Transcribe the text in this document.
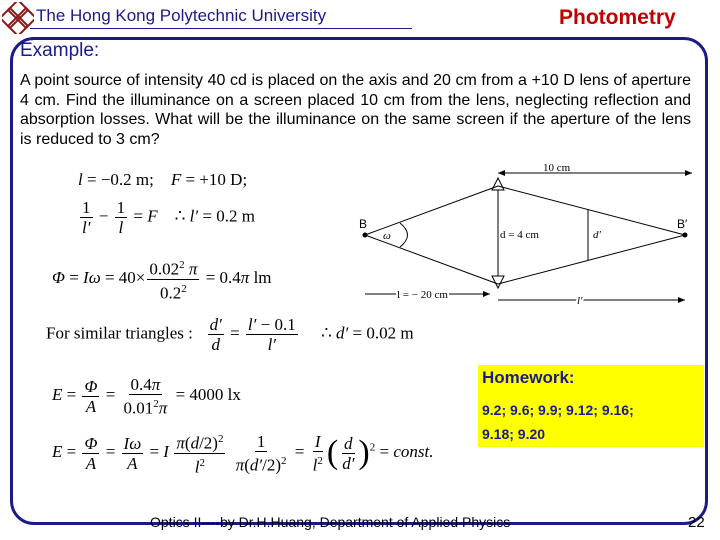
The Hong Kong Polytechnic University	Photometry
Example:
A point source of intensity 40 cd is placed on the axis and 20 cm from a +10 D lens of aperture 4 cm. Find the illuminance on a screen placed 10 cm from the lens, neglecting reflection and absorption losses. What will be the illuminance on the same screen if the aperture of the lens is reduced to 3 cm?
l = −0.2 m;    F = +10 D;
$\frac{1}{l'} - \frac{1}{l} = F$    ∴ l′ = 0.2 m
$\Phi = I\omega = 40\times \frac{0.02^2 \pi}{0.2^2} = 0.4\pi$ lm
For similar triangles : $\frac{d'}{d} = \frac{l' - 0.1}{l'}$ ∴ d′ = 0.02 m
$E = \frac{\Phi}{A} = \frac{0.4\pi}{0.01^2\pi} = 4000$ lx
$E = \frac{\Phi}{A} = \frac{I\omega}{A} = I \frac{\pi(d/2)^2}{l^2}$
$\frac{1}{\pi(d'/2)^2} = \frac{I}{l^2}$ ( $\frac{d}{d'} )^2$ = const.
10 cm
ω
B	B′
d = 4 cm	d′
l = − 20 cm	l′
Homework:
9.2; 9.6; 9.9; 9.12; 9.16;
9.18; 9.20
Optics II----by Dr.H.Huang, Department of Applied Physics	22
